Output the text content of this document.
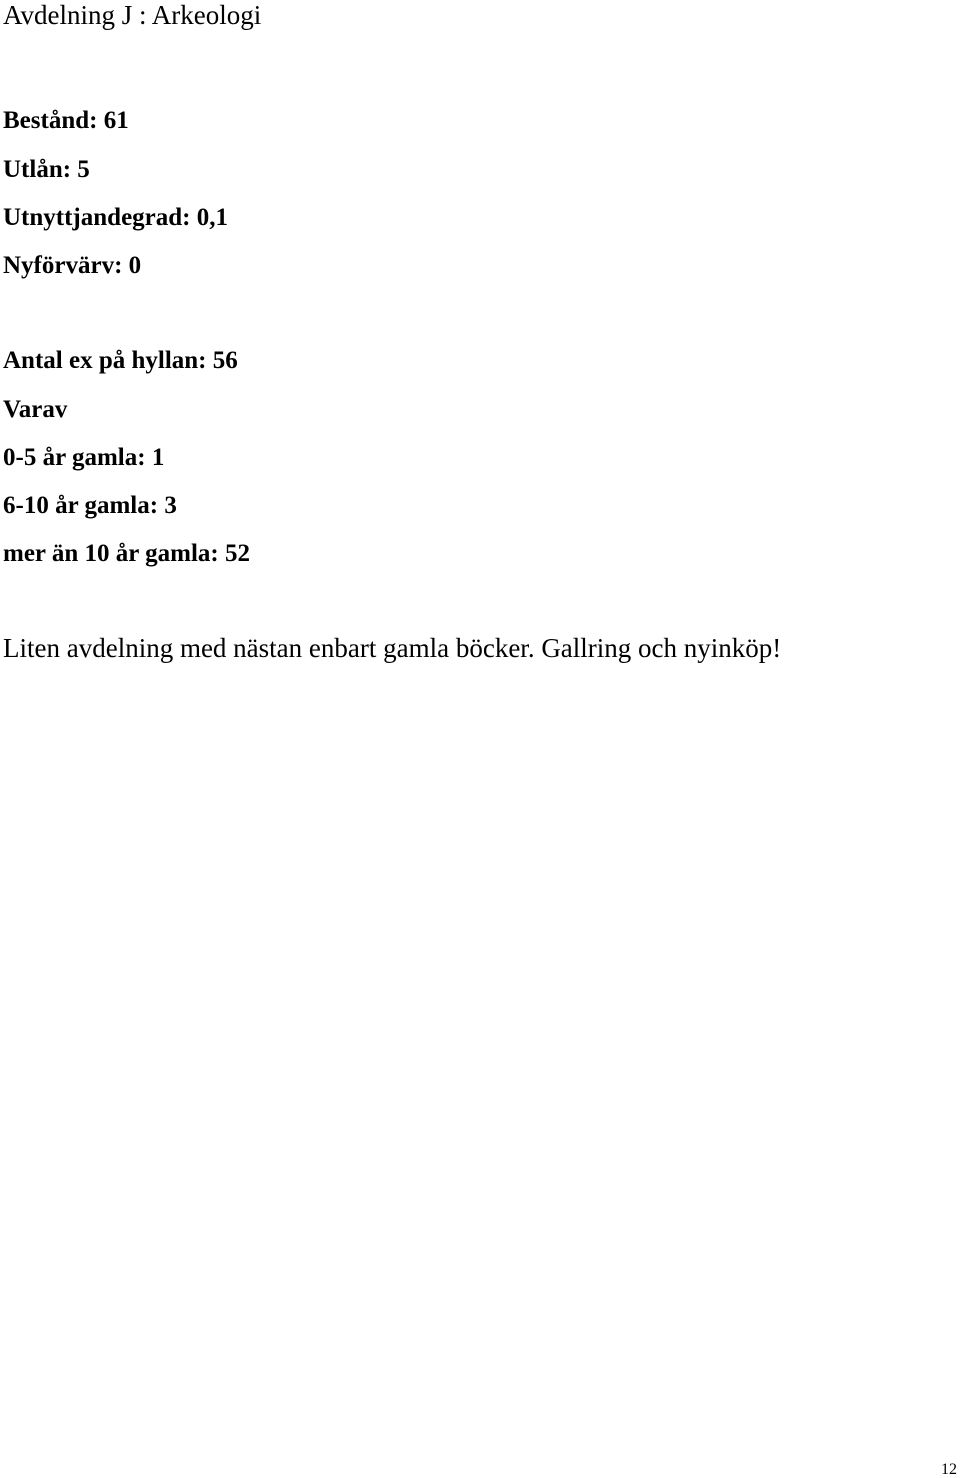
Avdelning J : Arkeologi
Bestånd: 61
Utlån: 5
Utnyttjandegrad: 0,1
Nyförvärv: 0
Antal ex på hyllan: 56
Varav
0-5 år gamla: 1
6-10 år gamla: 3
mer än 10 år gamla: 52
Liten avdelning med nästan enbart gamla böcker. Gallring och nyinköp!
12
